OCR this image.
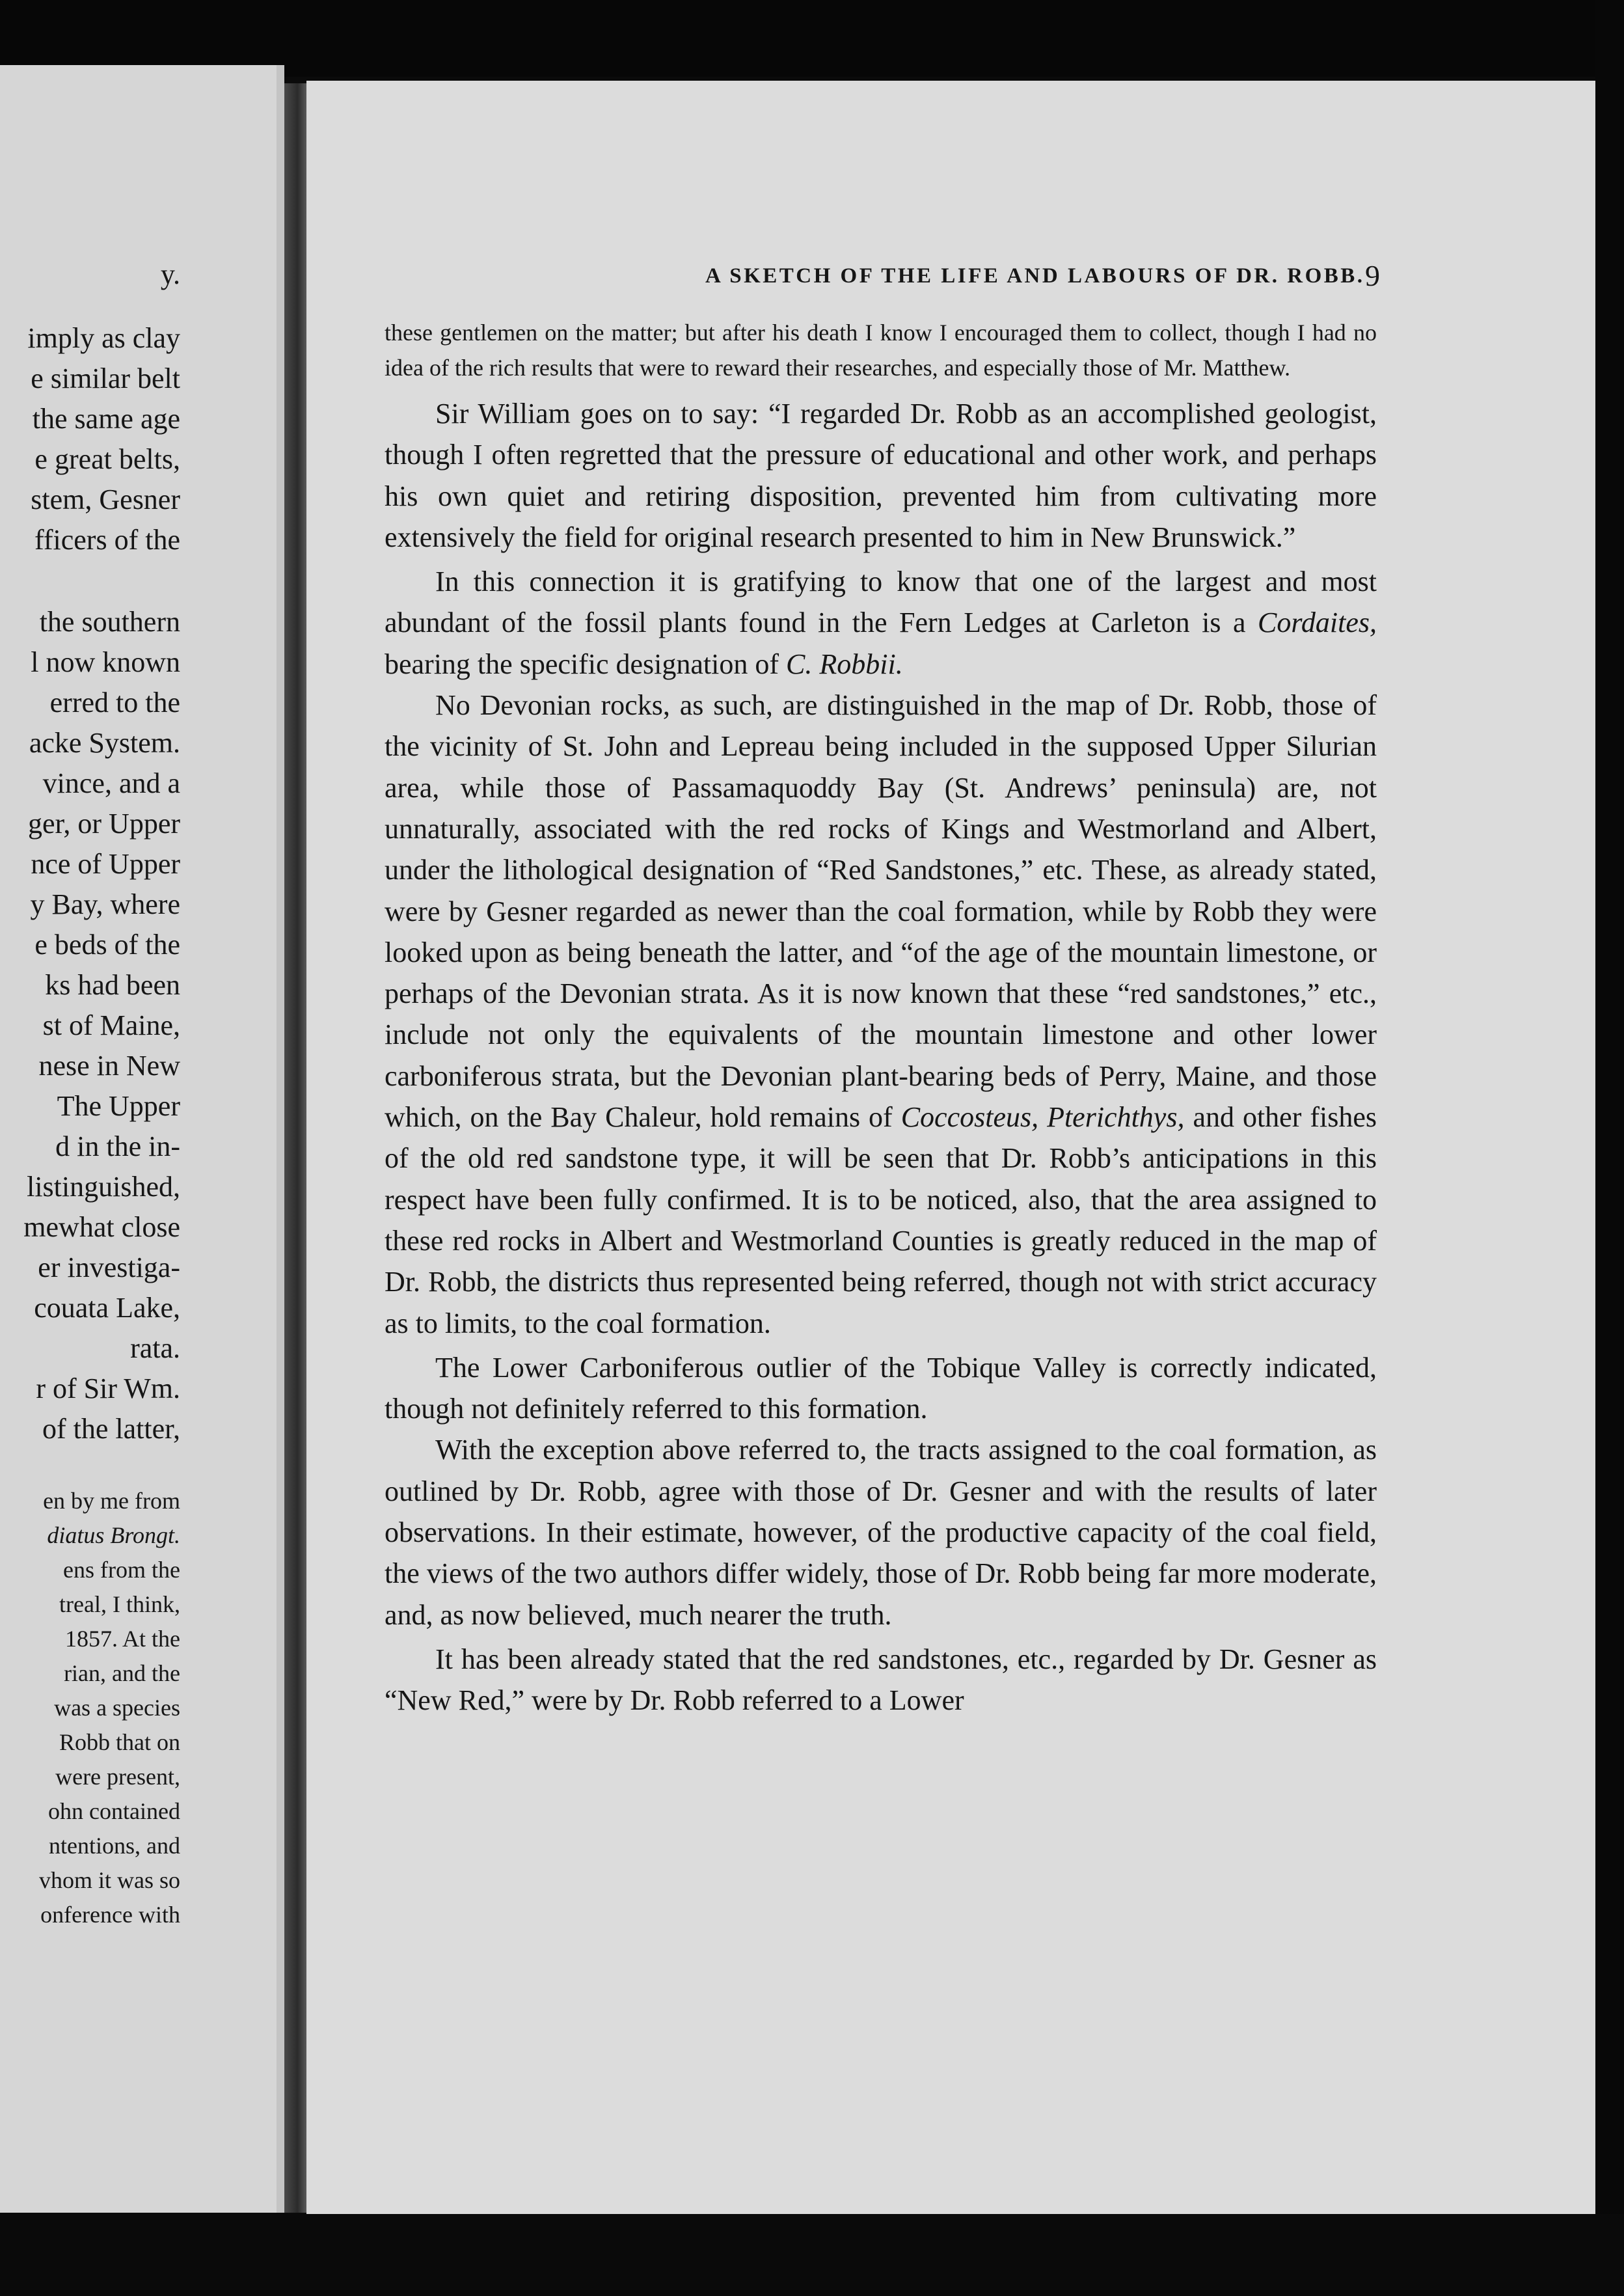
y.
imply as clay
e similar belt
the same age
e great belts,
stem, Gesner
fficers of the
the southern
l now known
erred to the
acke System.
vince, and a
ger, or Upper
nce of Upper
y Bay, where
e beds of the
ks had been
st of Maine,
nese in New
The Upper
d in the in-
listinguished,
mewhat close
er investiga-
couata Lake,
rata.
r of Sir Wm.
of the latter,
en by me from
diatus Brongt.
ens from the
treal, I think,
1857. At the
rian, and the
was a species
Robb that on
were present,
ohn contained
ntentions, and
vhom it was so
onference with
A SKETCH OF THE LIFE AND LABOURS OF DR. ROBB. 9

these gentlemen on the matter; but after his death I know I encouraged them to collect, though I had no idea of the rich results that were to reward their researches, and especially those of Mr. Matthew.

Sir William goes on to say: “I regarded Dr. Robb as an accomplished geologist, though I often regretted that the pressure of educational and other work, and perhaps his own quiet and retiring disposition, prevented him from cultivating more extensively the field for original research presented to him in New Brunswick.”

In this connection it is gratifying to know that one of the largest and most abundant of the fossil plants found in the Fern Ledges at Carleton is a Cordaites, bearing the specific designation of C. Robbii.

No Devonian rocks, as such, are distinguished in the map of Dr. Robb, those of the vicinity of St. John and Lepreau being included in the supposed Upper Silurian area, while those of Passamaquoddy Bay (St. Andrews’ peninsula) are, not unnaturally, associated with the red rocks of Kings and Westmorland and Albert, under the lithological designation of “Red Sandstones,” etc. These, as already stated, were by Gesner regarded as newer than the coal formation, while by Robb they were looked upon as being beneath the latter, and “of the age of the mountain limestone, or perhaps of the Devonian strata. As it is now known that these “red sandstones,” etc., include not only the equivalents of the mountain limestone and other lower carboniferous strata, but the Devonian plant-bearing beds of Perry, Maine, and those which, on the Bay Chaleur, hold remains of Coccosteus, Pterichthys, and other fishes of the old red sandstone type, it will be seen that Dr. Robb’s anticipations in this respect have been fully confirmed. It is to be noticed, also, that the area assigned to these red rocks in Albert and Westmorland Counties is greatly reduced in the map of Dr. Robb, the districts thus represented being referred, though not with strict accuracy as to limits, to the coal formation.

The Lower Carboniferous outlier of the Tobique Valley is correctly indicated, though not definitely referred to this formation.

With the exception above referred to, the tracts assigned to the coal formation, as outlined by Dr. Robb, agree with those of Dr. Gesner and with the results of later observations. In their estimate, however, of the productive capacity of the coal field, the views of the two authors differ widely, those of Dr. Robb being far more moderate, and, as now believed, much nearer the truth.

It has been already stated that the red sandstones, etc., regarded by Dr. Gesner as “New Red,” were by Dr. Robb referred to a Lower
